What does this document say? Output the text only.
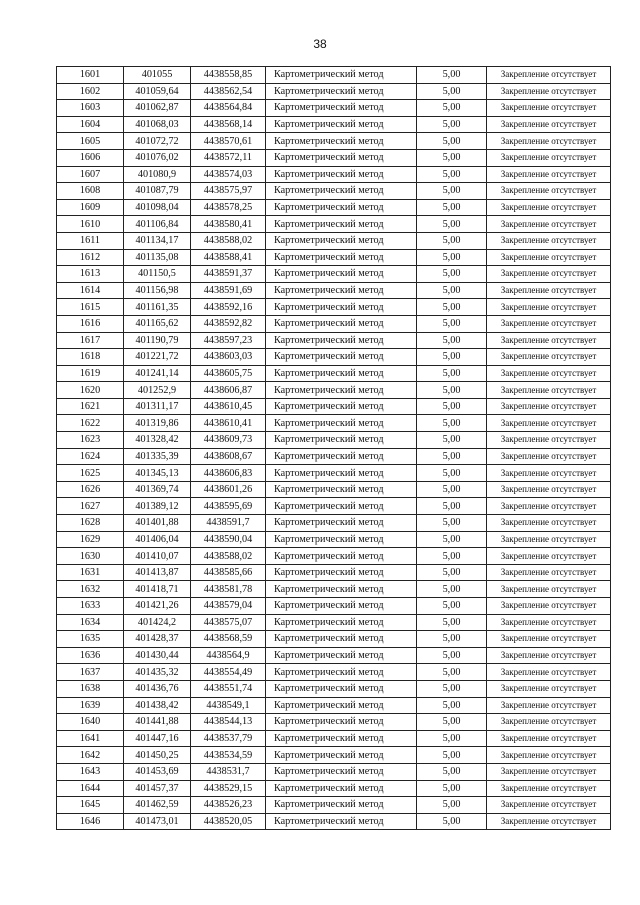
38
1601	401055	4438558,85	Картометрический метод	5,00	Закрепление отсутствует
1602	401059,64	4438562,54	Картометрический метод	5,00	Закрепление отсутствует
1603	401062,87	4438564,84	Картометрический метод	5,00	Закрепление отсутствует
1604	401068,03	4438568,14	Картометрический метод	5,00	Закрепление отсутствует
1605	401072,72	4438570,61	Картометрический метод	5,00	Закрепление отсутствует
1606	401076,02	4438572,11	Картометрический метод	5,00	Закрепление отсутствует
1607	401080,9	4438574,03	Картометрический метод	5,00	Закрепление отсутствует
1608	401087,79	4438575,97	Картометрический метод	5,00	Закрепление отсутствует
1609	401098,04	4438578,25	Картометрический метод	5,00	Закрепление отсутствует
1610	401106,84	4438580,41	Картометрический метод	5,00	Закрепление отсутствует
1611	401134,17	4438588,02	Картометрический метод	5,00	Закрепление отсутствует
1612	401135,08	4438588,41	Картометрический метод	5,00	Закрепление отсутствует
1613	401150,5	4438591,37	Картометрический метод	5,00	Закрепление отсутствует
1614	401156,98	4438591,69	Картометрический метод	5,00	Закрепление отсутствует
1615	401161,35	4438592,16	Картометрический метод	5,00	Закрепление отсутствует
1616	401165,62	4438592,82	Картометрический метод	5,00	Закрепление отсутствует
1617	401190,79	4438597,23	Картометрический метод	5,00	Закрепление отсутствует
1618	401221,72	4438603,03	Картометрический метод	5,00	Закрепление отсутствует
1619	401241,14	4438605,75	Картометрический метод	5,00	Закрепление отсутствует
1620	401252,9	4438606,87	Картометрический метод	5,00	Закрепление отсутствует
1621	401311,17	4438610,45	Картометрический метод	5,00	Закрепление отсутствует
1622	401319,86	4438610,41	Картометрический метод	5,00	Закрепление отсутствует
1623	401328,42	4438609,73	Картометрический метод	5,00	Закрепление отсутствует
1624	401335,39	4438608,67	Картометрический метод	5,00	Закрепление отсутствует
1625	401345,13	4438606,83	Картометрический метод	5,00	Закрепление отсутствует
1626	401369,74	4438601,26	Картометрический метод	5,00	Закрепление отсутствует
1627	401389,12	4438595,69	Картометрический метод	5,00	Закрепление отсутствует
1628	401401,88	4438591,7	Картометрический метод	5,00	Закрепление отсутствует
1629	401406,04	4438590,04	Картометрический метод	5,00	Закрепление отсутствует
1630	401410,07	4438588,02	Картометрический метод	5,00	Закрепление отсутствует
1631	401413,87	4438585,66	Картометрический метод	5,00	Закрепление отсутствует
1632	401418,71	4438581,78	Картометрический метод	5,00	Закрепление отсутствует
1633	401421,26	4438579,04	Картометрический метод	5,00	Закрепление отсутствует
1634	401424,2	4438575,07	Картометрический метод	5,00	Закрепление отсутствует
1635	401428,37	4438568,59	Картометрический метод	5,00	Закрепление отсутствует
1636	401430,44	4438564,9	Картометрический метод	5,00	Закрепление отсутствует
1637	401435,32	4438554,49	Картометрический метод	5,00	Закрепление отсутствует
1638	401436,76	4438551,74	Картометрический метод	5,00	Закрепление отсутствует
1639	401438,42	4438549,1	Картометрический метод	5,00	Закрепление отсутствует
1640	401441,88	4438544,13	Картометрический метод	5,00	Закрепление отсутствует
1641	401447,16	4438537,79	Картометрический метод	5,00	Закрепление отсутствует
1642	401450,25	4438534,59	Картометрический метод	5,00	Закрепление отсутствует
1643	401453,69	4438531,7	Картометрический метод	5,00	Закрепление отсутствует
1644	401457,37	4438529,15	Картометрический метод	5,00	Закрепление отсутствует
1645	401462,59	4438526,23	Картометрический метод	5,00	Закрепление отсутствует
1646	401473,01	4438520,05	Картометрический метод	5,00	Закрепление отсутствует
